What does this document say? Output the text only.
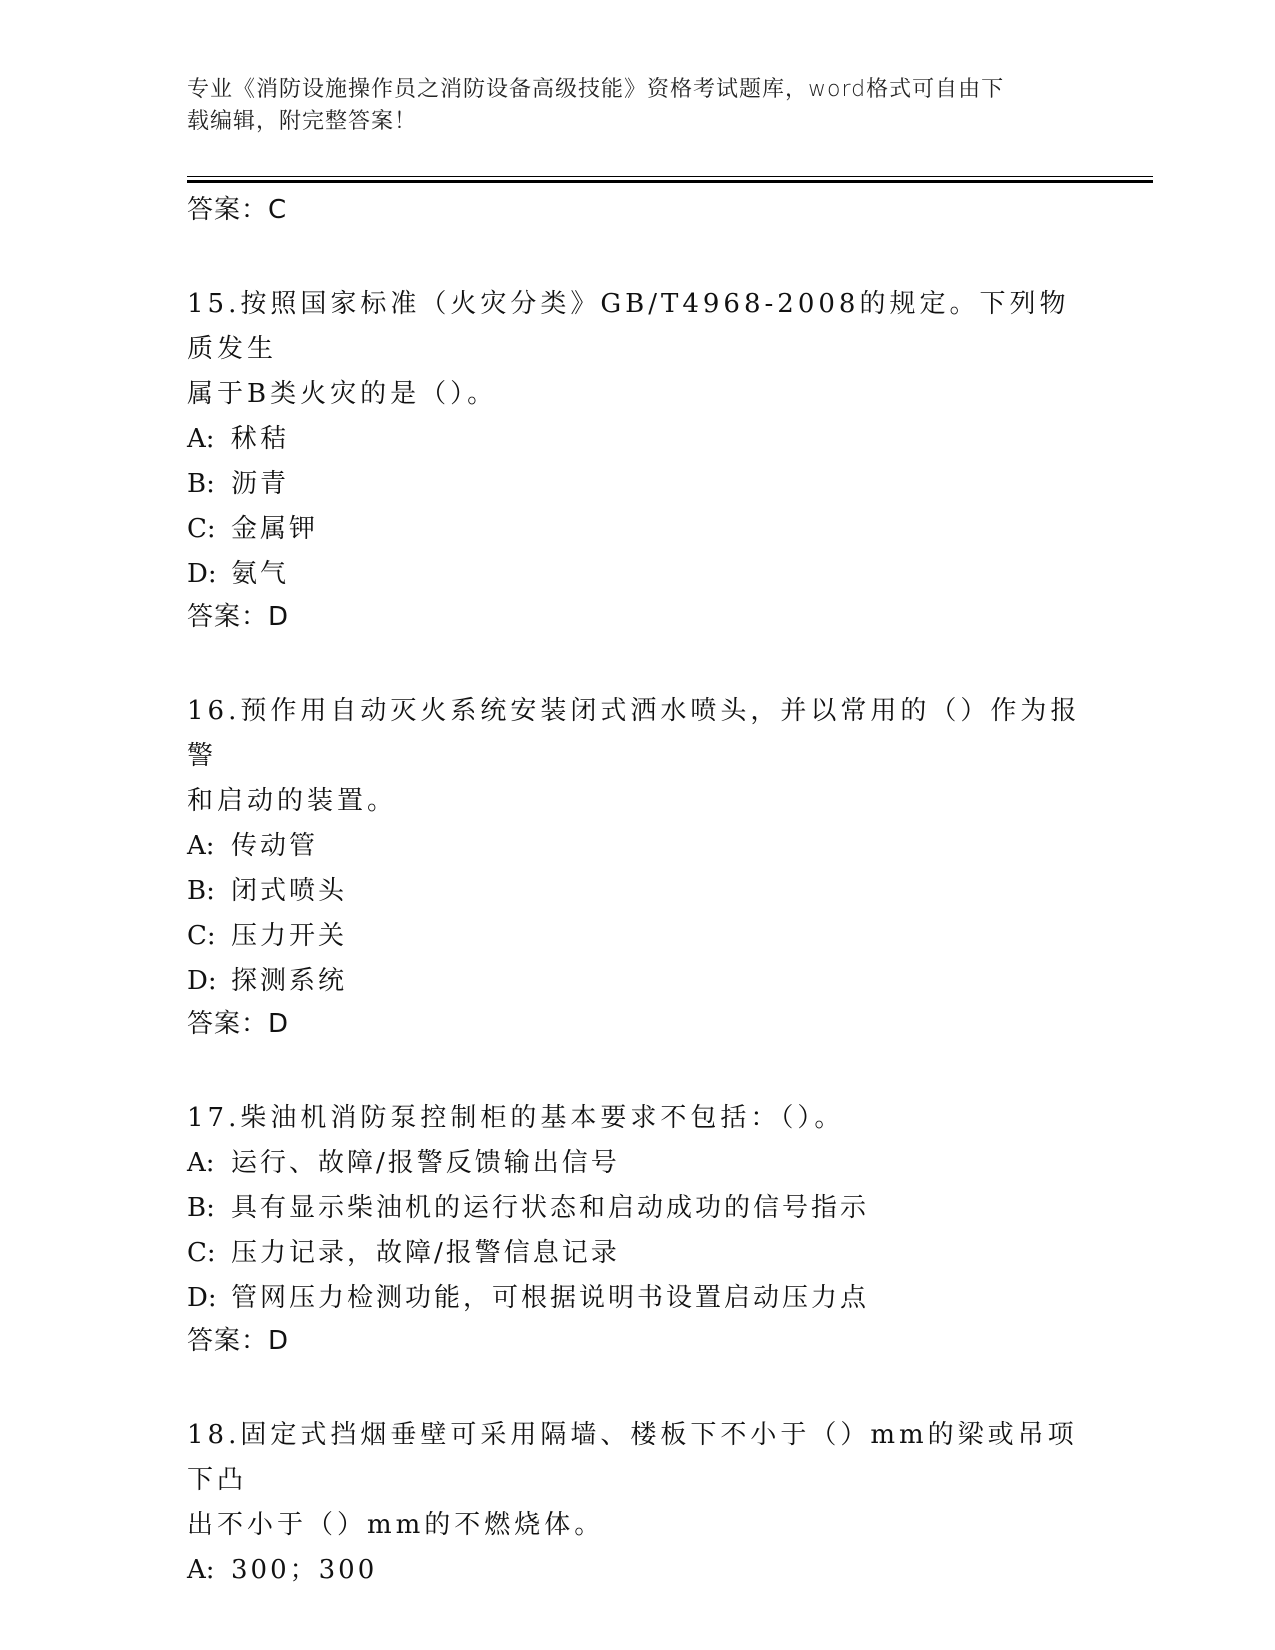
专业《消防设施操作员之消防设备高级技能》资格考试题库，word格式可自由下
载编辑，附完整答案！
答案：C
15.按照国家标准（火灾分类》GB/T4968-2008的规定。下列物质发生
属于B类火灾的是（）。
A: 秫秸
B: 沥青
C: 金属钾
D: 氨气
答案：D
16.预作用自动灭火系统安装闭式洒水喷头，并以常用的（）作为报警
和启动的装置。
A: 传动管
B: 闭式喷头
C: 压力开关
D: 探测系统
答案：D
17.柴油机消防泵控制柜的基本要求不包括：（）。
A: 运行、故障/报警反馈输出信号
B: 具有显示柴油机的运行状态和启动成功的信号指示
C: 压力记录，故障/报警信息记录
D: 管网压力检测功能，可根据说明书设置启动压力点
答案：D
18.固定式挡烟垂壁可采用隔墙、楼板下不小于（）mm的梁或吊项下凸
出不小于（）mm的不燃烧体。
A: 300；300
